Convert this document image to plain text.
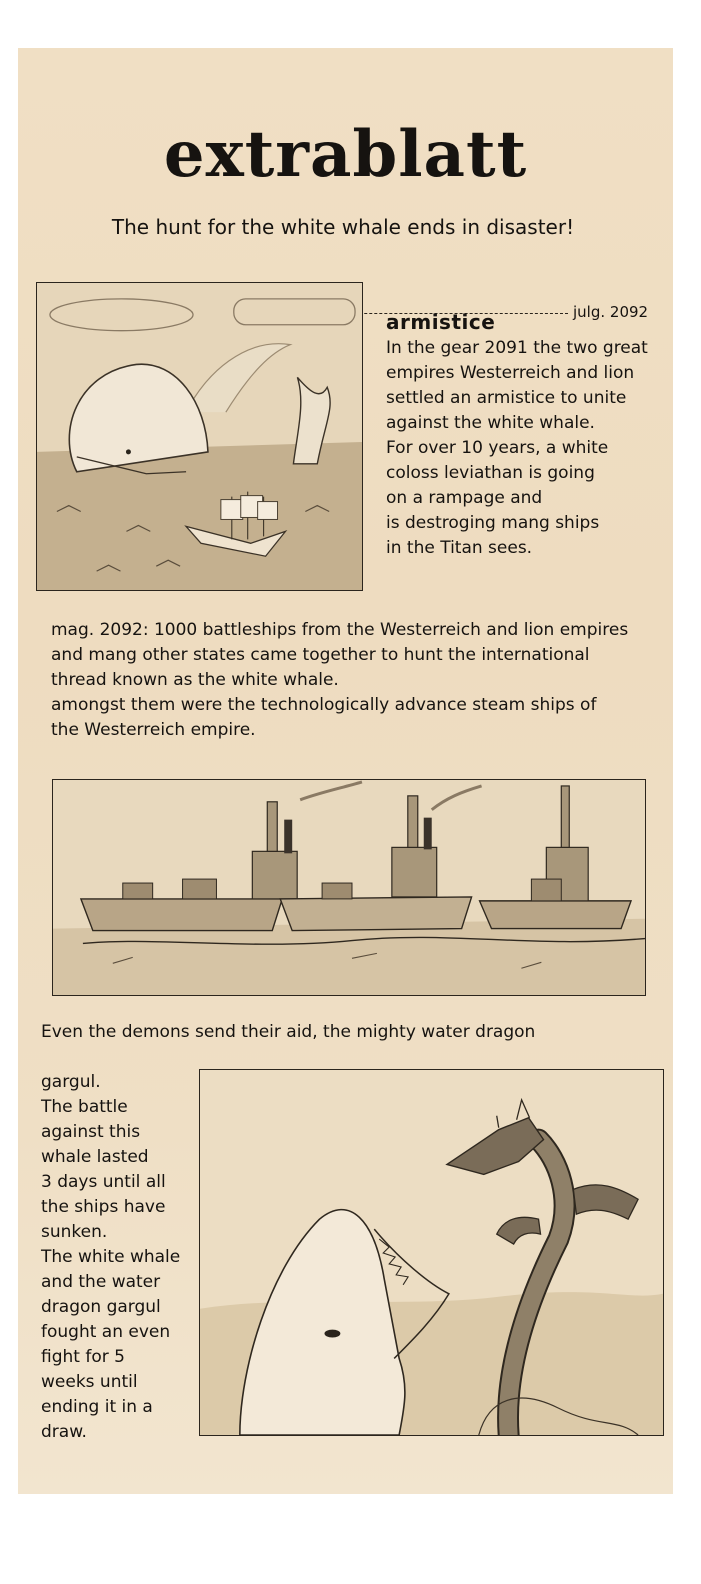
extrablatt
The hunt for the white whale ends in disaster!
julg. 2092
armistice

In the gear 2091 the two great

empires Westerreich and lion

settled an armistice to unite

against the white whale.

For over 10 years, a white

coloss leviathan is going

on a rampage and

is destroging mang ships

in the Titan sees.

mag. 2092: 1000 battleships from the Westerreich and lion empires

and mang other states came together to hunt the international

thread known as the white whale.

amongst them were the technologically advance steam ships of

the Westerreich empire.

Even the demons send their aid, the mighty water dragon

gargul.

The battle

against this

whale lasted

3 days until all

the ships have

sunken.

The white whale

and the water

dragon gargul

fought an even

fight for 5

weeks until

ending it in a

draw.
